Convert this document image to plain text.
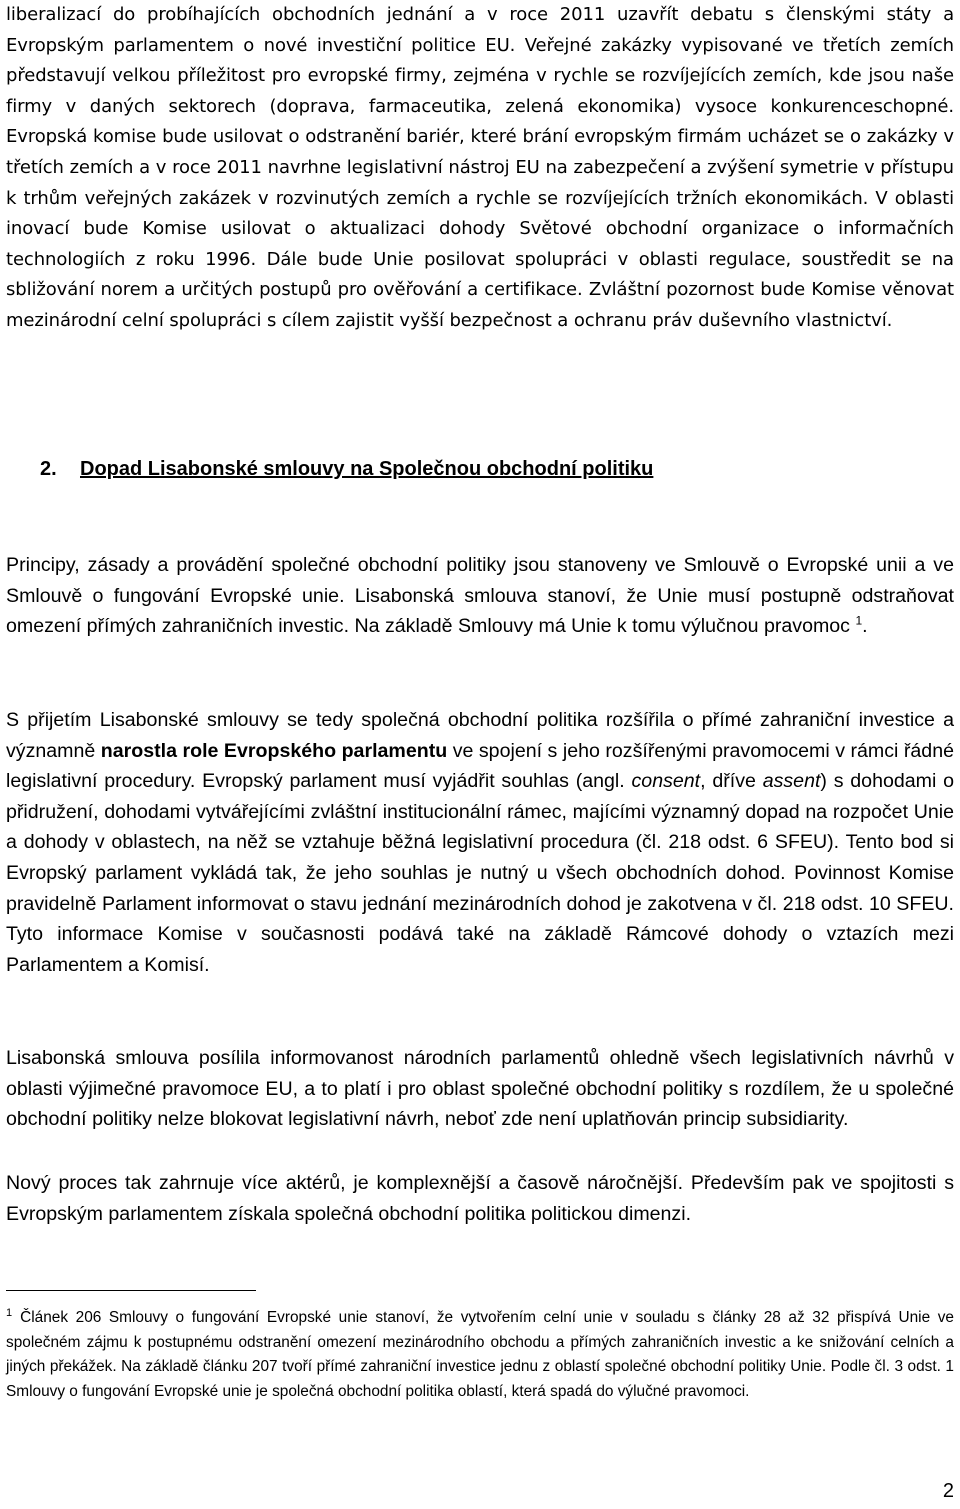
liberalizací do probíhajících obchodních jednání a v roce 2011 uzavřít debatu s členskými státy a Evropským parlamentem o nové investiční politice EU. Veřejné zakázky vypisované ve třetích zemích představují velkou příležitost pro evropské firmy, zejména v rychle se rozvíjejících zemích, kde jsou naše firmy v daných sektorech (doprava, farmaceutika, zelená ekonomika) vysoce konkurenceschopné. Evropská komise bude usilovat o odstranění bariér, které brání evropským firmám ucházet se o zakázky v třetích zemích a v roce 2011 navrhne legislativní nástroj EU na zabezpečení a zvýšení symetrie v přístupu k trhům veřejných zakázek v rozvinutých zemích a rychle se rozvíjejících tržních ekonomikách. V oblasti inovací bude Komise usilovat o aktualizaci dohody Světové obchodní organizace o informačních technologiích z roku 1996. Dále bude Unie posilovat spolupráci v oblasti regulace, soustředit se na sbližování norem a určitých postupů pro ověřování a certifikace. Zvláštní pozornost bude Komise věnovat mezinárodní celní spolupráci s cílem zajistit vyšší bezpečnost a ochranu práv duševního vlastnictví.

2. Dopad Lisabonské smlouvy na Společnou obchodní politiku

Principy, zásady a provádění společné obchodní politiky jsou stanoveny ve Smlouvě o Evropské unii a ve Smlouvě o fungování Evropské unie. Lisabonská smlouva stanoví, že Unie musí postupně odstraňovat omezení přímých zahraničních investic. Na základě Smlouvy má Unie k tomu výlučnou pravomoc $^1$.

S přijetím Lisabonské smlouvy se tedy společná obchodní politika rozšířila o přímé zahraniční investice a významně narostla role Evropského parlamentu ve spojení s jeho rozšířenými pravomocemi v rámci řádné legislativní procedury. Evropský parlament musí vyjádřit souhlas (angl. consent, dříve assent) s dohodami o přidružení, dohodami vytvářejícími zvláštní institucionální rámec, majícími významný dopad na rozpočet Unie a dohody v oblastech, na něž se vztahuje běžná legislativní procedura (čl. 218 odst. 6 SFEU). Tento bod si Evropský parlament vykládá tak, že jeho souhlas je nutný u všech obchodních dohod. Povinnost Komise pravidelně Parlament informovat o stavu jednání mezinárodních dohod je zakotvena v čl. 218 odst. 10 SFEU. Tyto informace Komise v současnosti podává také na základě Rámcové dohody o vztazích mezi Parlamentem a Komisí.

Lisabonská smlouva posílila informovanost národních parlamentů ohledně všech legislativních návrhů v oblasti výjimečné pravomoce EU, a to platí i pro oblast společné obchodní politiky s rozdílem, že u společné obchodní politiky nelze blokovat legislativní návrh, neboť zde není uplatňován princip subsidiarity.

Nový proces tak zahrnuje více aktérů, je komplexnější a časově náročnější. Především pak ve spojitosti s Evropským parlamentem získala společná obchodní politika politickou dimenzi.

$^1$ Článek 206 Smlouvy o fungování Evropské unie stanoví, že vytvořením celní unie v souladu s články 28 až 32 přispívá Unie ve společném zájmu k postupnému odstranění omezení mezinárodního obchodu a přímých zahraničních investic a ke snižování celních a jiných překážek. Na základě článku 207 tvoří přímé zahraniční investice jednu z oblastí společné obchodní politiky Unie. Podle čl. 3 odst. 1 Smlouvy o fungování Evropské unie je společná obchodní politika oblastí, která spadá do výlučné pravomoci.

2
